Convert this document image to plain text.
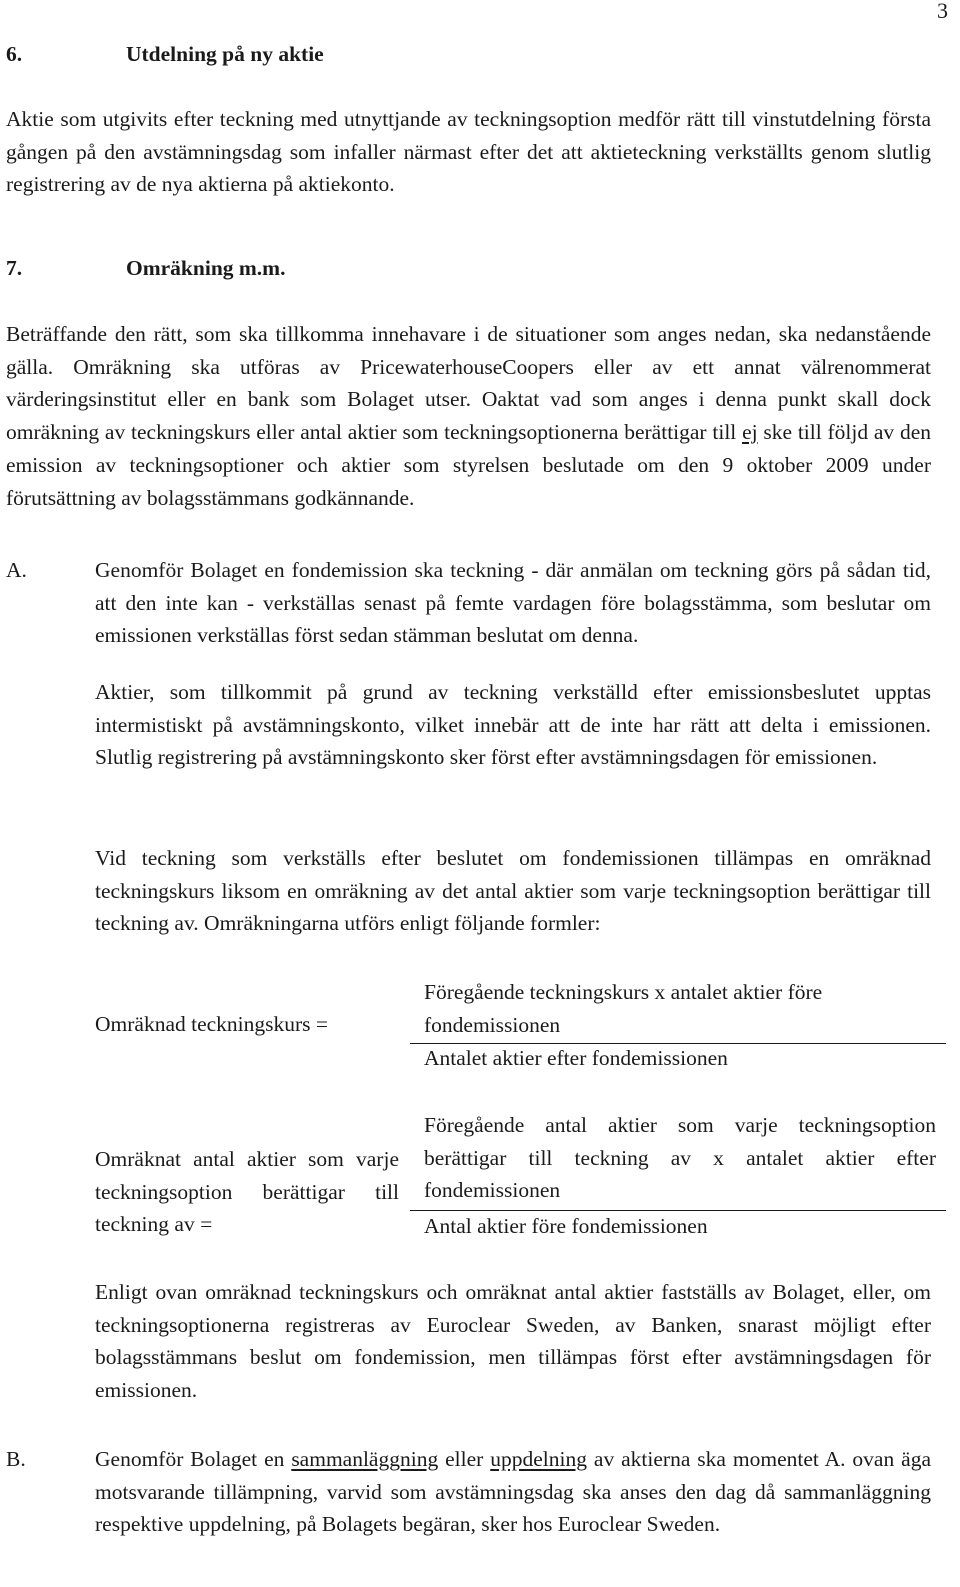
3
6.	Utdelning på ny aktie

Aktie som utgivits efter teckning med utnyttjande av teckningsoption medför rätt till vinstutdelning första gången på den avstämningsdag som infaller närmast efter det att aktieteckning verkställts genom slutlig registrering av de nya aktierna på aktiekonto.

7.	Omräkning m.m.

Beträffande den rätt, som ska tillkomma innehavare i de situationer som anges nedan, ska nedanstående gälla. Omräkning ska utföras av PricewaterhouseCoopers eller av ett annat välrenommerat värderingsinstitut eller en bank som Bolaget utser. Oaktat vad som anges i denna punkt skall dock omräkning av teckningskurs eller antal aktier som teckningsoptionerna berättigar till ej ske till följd av den emission av teckningsoptioner och aktier som styrelsen beslutade om den 9 oktober 2009 under förutsättning av bolagsstämmans godkännande.

A.	Genomför Bolaget en fondemission ska teckning - där anmälan om teckning görs på sådan tid, att den inte kan - verkställas senast på femte vardagen före bolagsstämma, som beslutar om emissionen verkställas först sedan stämman beslutat om denna.

Aktier, som tillkommit på grund av teckning verkställd efter emissionsbeslutet upptas intermistiskt på avstämningskonto, vilket innebär att de inte har rätt att delta i emissionen. Slutlig registrering på avstämningskonto sker först efter avstämningsdagen för emissionen.

Vid teckning som verkställs efter beslutet om fondemissionen tillämpas en omräknad teckningskurs liksom en omräkning av det antal aktier som varje teckningsoption berättigar till teckning av. Omräkningarna utförs enligt följande formler:

Omräknad teckningskurs =

Föregående teckningskurs x antalet aktier före fondemissionen

Antalet aktier efter fondemissionen

Omräknat antal aktier som varje teckningsoption berättigar till teckning av =

Föregående antal aktier som varje teckningsoption berättigar till teckning av x antalet aktier efter fondemissionen

Antal aktier före fondemissionen

Enligt ovan omräknad teckningskurs och omräknat antal aktier fastställs av Bolaget, eller, om teckningsoptionerna registreras av Euroclear Sweden, av Banken, snarast möjligt efter bolagsstämmans beslut om fondemission, men tillämpas först efter avstämningsdagen för emissionen.

B.	Genomför Bolaget en sammanläggning eller uppdelning av aktierna ska momentet A. ovan äga motsvarande tillämpning, varvid som avstämningsdag ska anses den dag då sammanläggning respektive uppdelning, på Bolagets begäran, sker hos Euroclear Sweden.
